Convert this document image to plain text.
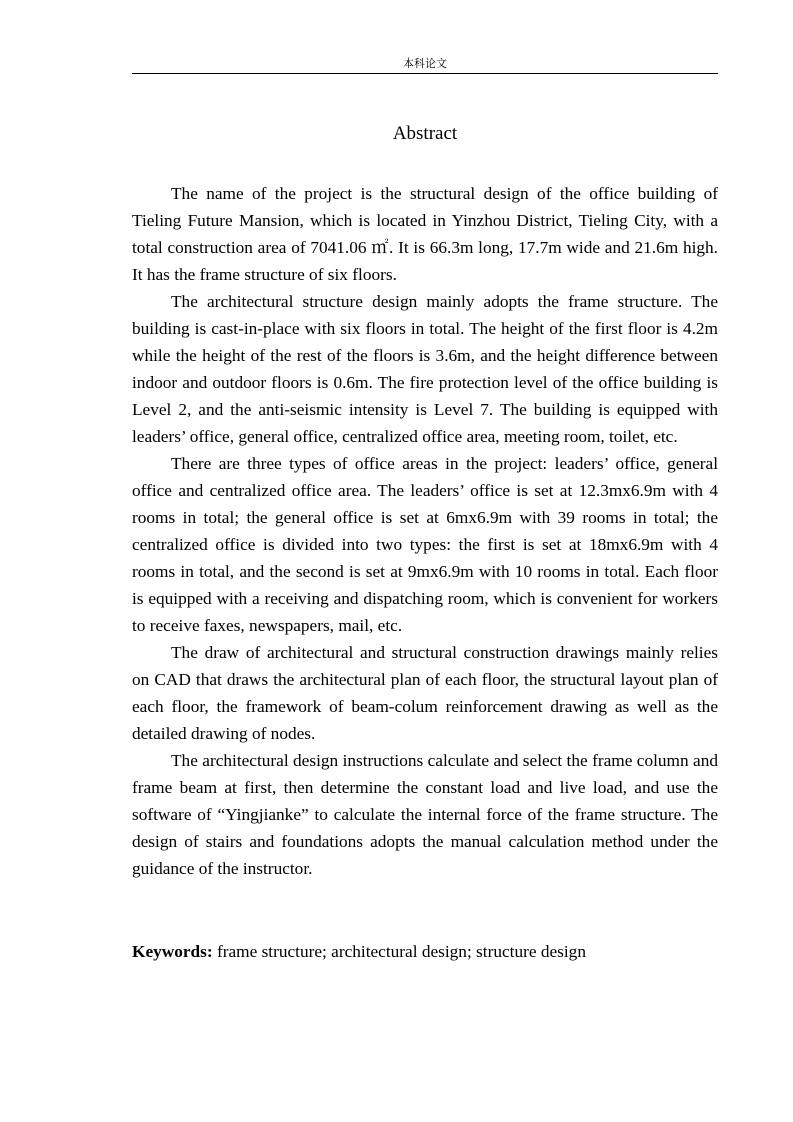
本科论文
Abstract

The name of the project is the structural design of the office building of Tieling Future Mansion, which is located in Yinzhou District, Tieling City, with a total construction area of 7041.06 ㎡. It is 66.3m long, 17.7m wide and 21.6m high. It has the frame structure of six floors.

The architectural structure design mainly adopts the frame structure. The building is cast-in-place with six floors in total. The height of the first floor is 4.2m while the height of the rest of the floors is 3.6m, and the height difference between indoor and outdoor floors is 0.6m. The fire protection level of the office building is Level 2, and the anti-seismic intensity is Level 7. The building is equipped with leaders’ office, general office, centralized office area, meeting room, toilet, etc.

There are three types of office areas in the project: leaders’ office, general office and centralized office area. The leaders’ office is set at 12.3mx6.9m with 4 rooms in total; the general office is set at 6mx6.9m with 39 rooms in total; the centralized office is divided into two types: the first is set at 18mx6.9m with 4 rooms in total, and the second is set at 9mx6.9m with 10 rooms in total. Each floor is equipped with a receiving and dispatching room, which is convenient for workers to receive faxes, newspapers, mail, etc.

The draw of architectural and structural construction drawings mainly relies on CAD that draws the architectural plan of each floor, the structural layout plan of each floor, the framework of beam-colum reinforcement drawing as well as the detailed drawing of nodes.

The architectural design instructions calculate and select the frame column and frame beam at first, then determine the constant load and live load, and use the software of “Yingjianke” to calculate the internal force of the frame structure. The design of stairs and foundations adopts the manual calculation method under the guidance of the instructor.

Keywords: frame structure; architectural design; structure design
